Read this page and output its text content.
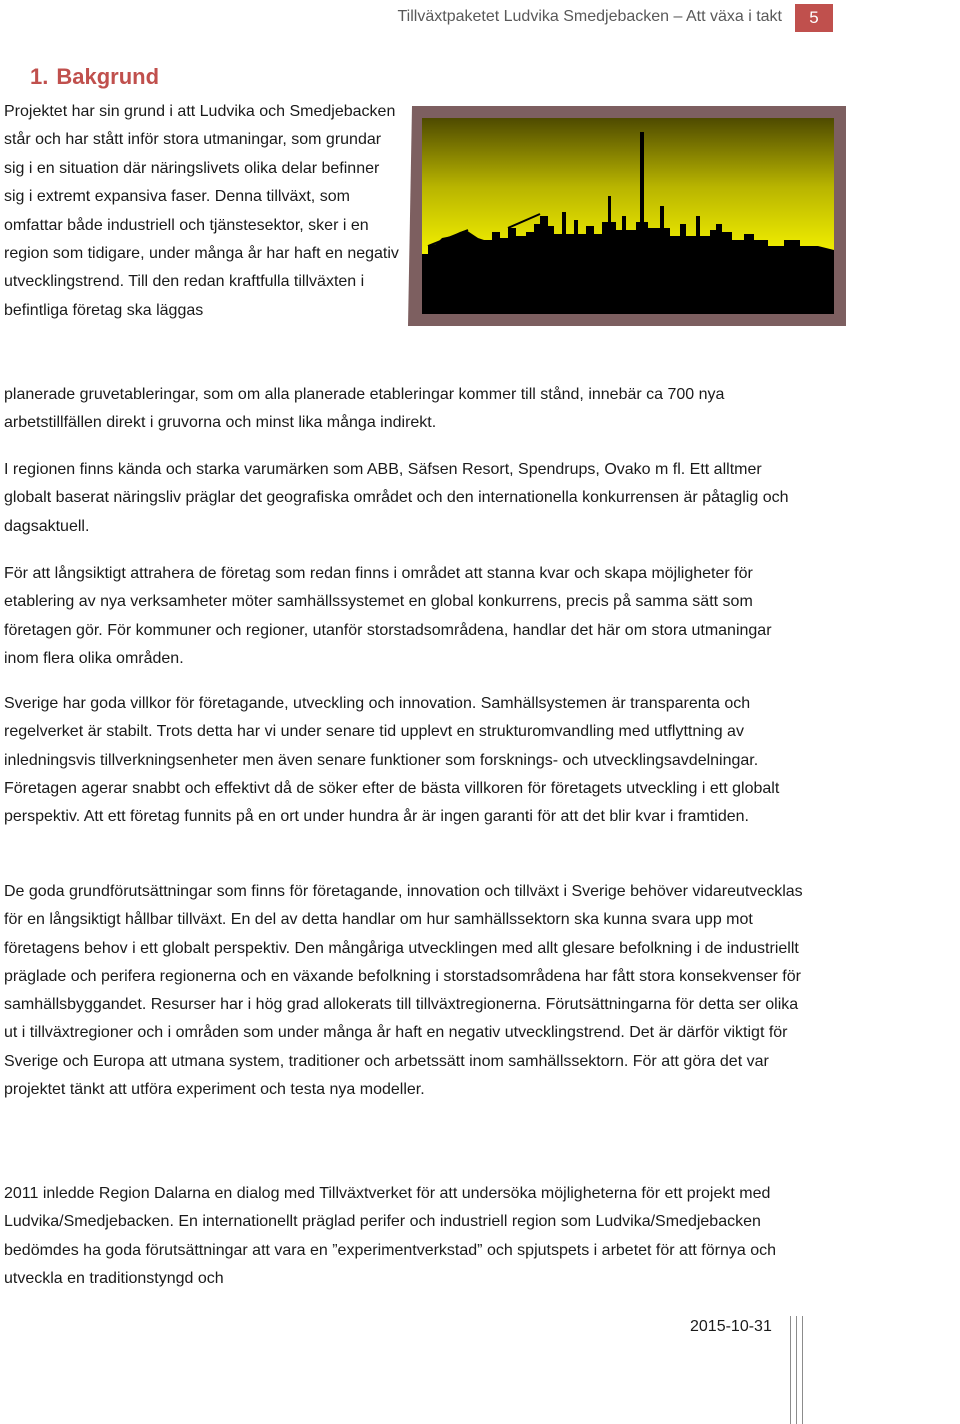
Tillväxtpaketet Ludvika Smedjebacken – Att växa i takt	5
1. Bakgrund

Projektet har sin grund i att Ludvika och Smedjebacken står och har stått inför stora utmaningar, som grundar sig i en situation där näringslivets olika delar befinner sig i extremt expansiva faser. Denna tillväxt, som omfattar både industriell och tjänstesektor, sker i en region som tidigare, under många år har haft en negativ utvecklingstrend. Till den redan kraftfulla tillväxten i befintliga företag ska läggas

planerade gruvetableringar, som om alla planerade etableringar kommer till stånd, innebär ca 700 nya arbetstillfällen direkt i gruvorna och minst lika många indirekt.

I regionen finns kända och starka varumärken som ABB, Säfsen Resort, Spendrups, Ovako m fl. Ett alltmer globalt baserat näringsliv präglar det geografiska området och den internationella konkurrensen är påtaglig och dagsaktuell.

För att långsiktigt attrahera de företag som redan finns i området att stanna kvar och skapa möjligheter för etablering av nya verksamheter möter samhällssystemet en global konkurrens, precis på samma sätt som företagen gör. För kommuner och regioner, utanför storstadsområdena, handlar det här om stora utmaningar inom flera olika områden.

Sverige har goda villkor för företagande, utveckling och innovation. Samhällsystemen är transparenta och regelverket är stabilt. Trots detta har vi under senare tid upplevt en strukturomvandling med utflyttning av inledningsvis tillverkningsenheter men även senare funktioner som forsknings- och utvecklingsavdelningar. Företagen agerar snabbt och effektivt då de söker efter de bästa villkoren för företagets utveckling i ett globalt perspektiv. Att ett företag funnits på en ort under hundra år är ingen garanti för att det blir kvar i framtiden.

De goda grundförutsättningar som finns för företagande, innovation och tillväxt i Sverige behöver vidareutvecklas för en långsiktigt hållbar tillväxt. En del av detta handlar om hur samhällssektorn ska kunna svara upp mot företagens behov i ett globalt perspektiv. Den mångåriga utvecklingen med allt glesare befolkning i de industriellt präglade och perifera regionerna och en växande befolkning i storstadsområdena har fått stora konsekvenser för samhällsbyggandet. Resurser har i hög grad allokerats till tillväxtregionerna. Förutsättningarna för detta ser olika ut i tillväxtregioner och i områden som under många år haft en negativ utvecklingstrend. Det är därför viktigt för Sverige och Europa att utmana system, traditioner och arbetssätt inom samhällssektorn. För att göra det var projektet tänkt att utföra experiment och testa nya modeller.

2011 inledde Region Dalarna en dialog med Tillväxtverket för att undersöka möjligheterna för ett projekt med Ludvika/Smedjebacken. En internationellt präglad perifer och industriell region som Ludvika/Smedjebacken bedömdes ha goda förutsättningar att vara en ”experimentverkstad” och spjutspets i arbetet för att förnya och utveckla en traditionstyngd och

2015-10-31
